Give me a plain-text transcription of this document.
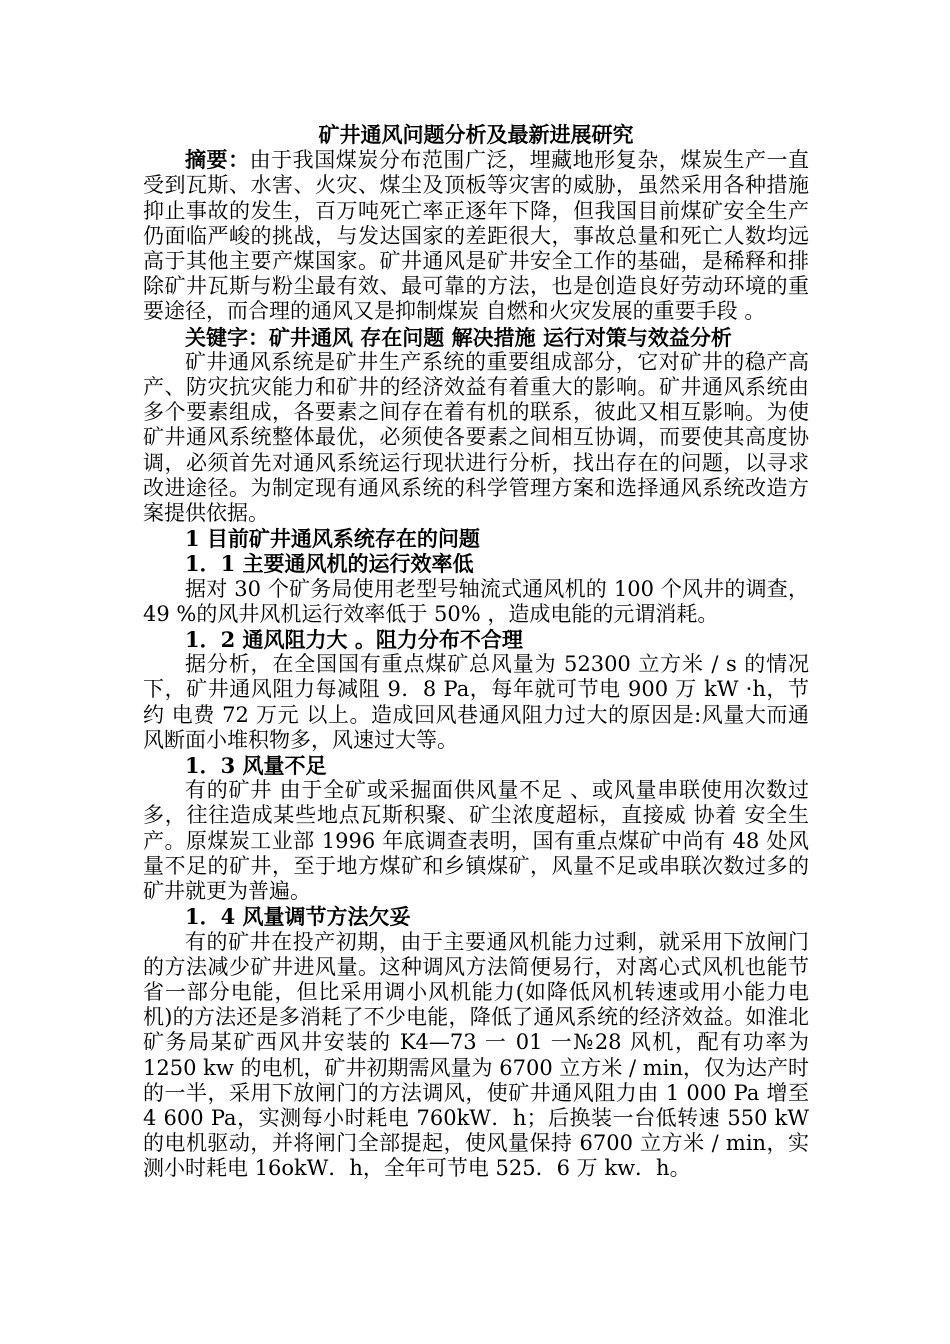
矿井通风问题分析及最新进展研究

摘要：由于我国煤炭分布范围广泛，埋藏地形复杂，煤炭生产一直受到瓦斯、水害、火灾、煤尘及顶板等灾害的威胁，虽然采用各种措施抑止事故的发生，百万吨死亡率正逐年下降，但我国目前煤矿安全生产仍面临严峻的挑战，与发达国家的差距很大，事故总量和死亡人数均远高于其他主要产煤国家。矿井通风是矿井安全工作的基础，是稀释和排除矿井瓦斯与粉尘最有效、最可靠的方法，也是创造良好劳动环境的重要途径，而合理的通风又是抑制煤炭 自燃和火灾发展的重要手段 。

关键字：矿井通风 存在问题 解决措施 运行对策与效益分析

矿井通风系统是矿井生产系统的重要组成部分，它对矿井的稳产高产、防灾抗灾能力和矿井的经济效益有着重大的影响。矿井通风系统由多个要素组成，各要素之间存在着有机的联系，彼此又相互影响。为使矿井通风系统整体最优，必须使各要素之间相互协调，而要使其高度协调，必须首先对通风系统运行现状进行分析，找出存在的问题，以寻求改进途径。为制定现有通风系统的科学管理方案和选择通风系统改造方案提供依据。

1 目前矿井通风系统存在的问题

1．1 主要通风机的运行效率低

据对 30 个矿务局使用老型号轴流式通风机的 100 个风井的调查，49 %的风井风机运行效率低于 50% ，造成电能的元谓消耗。

1．2 通风阻力大 。阻力分布不合理

据分析，在全国国有重点煤矿总风量为 52300 立方米 / s 的情况下，矿井通风阻力每减阻 9．8 Pa，每年就可节电 900 万 kW ·h，节约 电费 72 万元 以上。造成回风巷通风阻力过大的原因是:风量大而通风断面小堆积物多，风速过大等。

1．3 风量不足

有的矿井 由于全矿或采掘面供风量不足 、或风量串联使用次数过多，往往造成某些地点瓦斯积聚、矿尘浓度超标，直接威 协着 安全生产。原煤炭工业部 1996 年底调查表明，国有重点煤矿中尚有 48 处风量不足的矿井，至于地方煤矿和乡镇煤矿，风量不足或串联次数过多的矿井就更为普遍。

1．4 风量调节方法欠妥

有的矿井在投产初期，由于主要通风机能力过剩，就采用下放闸门的方法减少矿井进风量。这种调风方法简便易行，对离心式风机也能节省一部分电能，但比采用调小风机能力(如降低风机转速或用小能力电机)的方法还是多消耗了不少电能，降低了通风系统的经济效益。如淮北矿务局某矿西风井安装的 K4—73 一 01 一№28 风机，配有功率为 1250 kw 的电机，矿井初期需风量为 6700 立方米 / min，仅为达产时的一半，采用下放闸门的方法调风，使矿井通风阻力由 1 000 Pa 增至 4 600 Pa，实测每小时耗电 760kW．h；后换装一台低转速 550 kW 的电机驱动，并将闸门全部提起，使风量保持 6700 立方米 / min，实测小时耗电 16okW．h，全年可节电 525．6 万 kw．h。
